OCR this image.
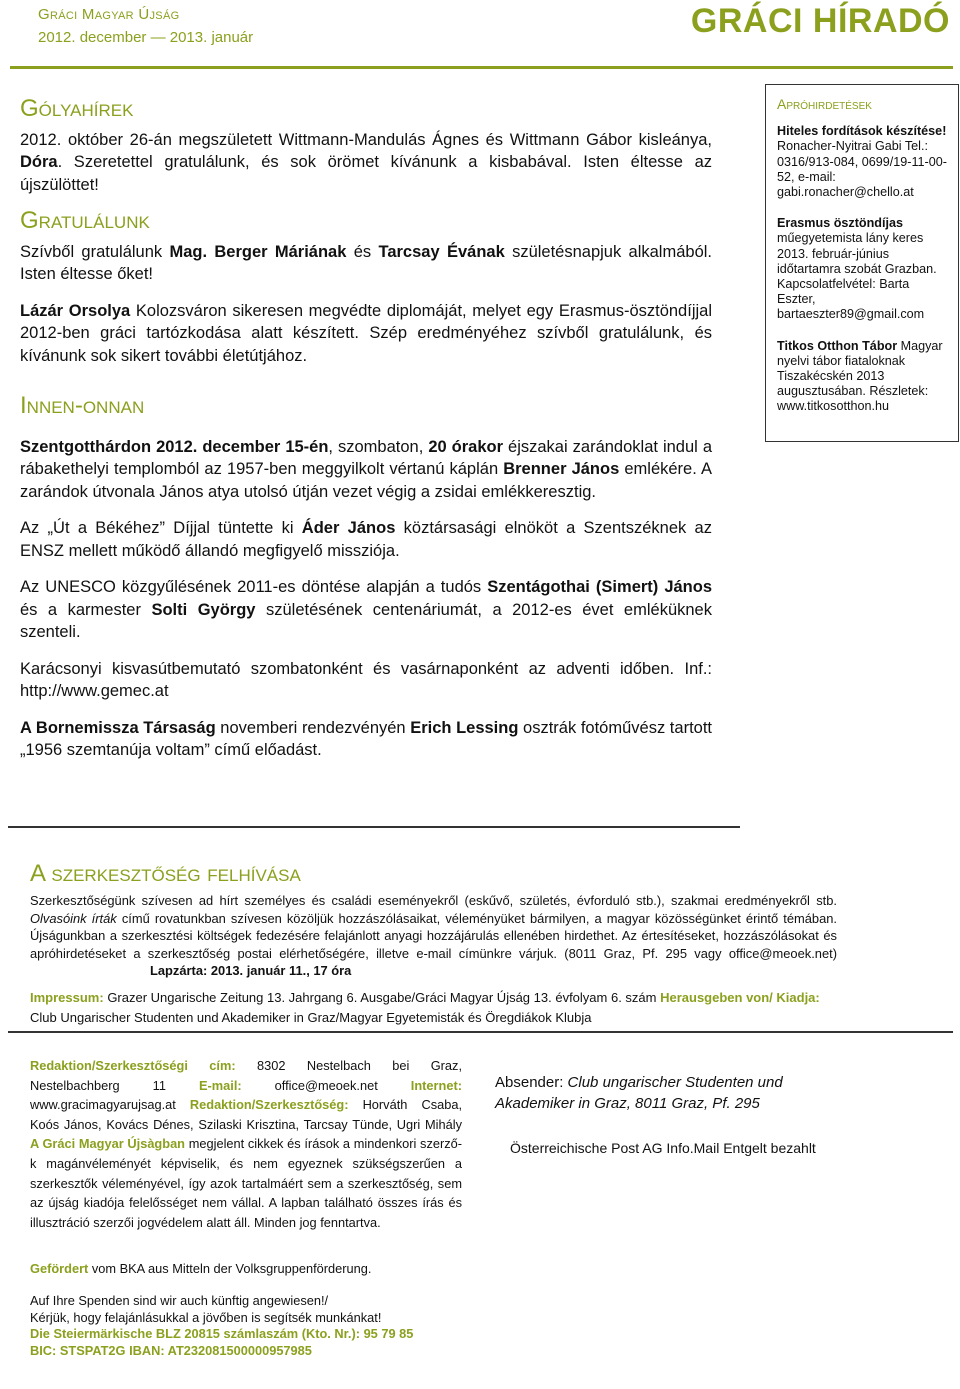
Gráci Magyar Újság
2012. december — 2013. január	GRÁCI HÍRADÓ
Gólyahírek

2012. október 26-án megszületett Wittmann-Mandulás Ágnes és Wittmann Gábor kisleánya, Dóra. Szeretettel gratulálunk, és sok örömet kívánunk a kisbabával. Isten éltesse az újszülöttet!

Gratulálunk

Szívből gratulálunk Mag. Berger Máriának és Tarcsay Évának születésnapjuk alkalmából. Isten éltesse őket!

Lázár Orsolya Kolozsváron sikeresen megvédte diplomáját, melyet egy Erasmus-ösztöndíjjal 2012-ben gráci tartózkodása alatt készített. Szép eredményéhez szívből gratulálunk, és kívánunk sok sikert további életútjához.

Innen-onnan

Szentgotthárdon 2012. december 15-én, szombaton, 20 órakor éjszakai zarándoklat indul a rábakethelyi templomból az 1957-ben meggyilkolt vértanú káplán Brenner János emlékére. A zarándok útvonala János atya utolsó útján vezet végig a zsidai emlékkeresztig.

Az „Út a Békéhez” Díjjal tüntette ki Áder János köztársasági elnököt a Szentszéknek az ENSZ mellett működő állandó megfigyelő missziója.

Az UNESCO közgyűlésének 2011-es döntése alapján a tudós Szentágothai (Simert) János és a karmester Solti György születésének centenáriumát, a 2012-es évet emléküknek szenteli.

Karácsonyi kisvasútbemutató szombatonként és vasárnaponként az adventi időben. Inf.: http://www.gemec.at

A Bornemissza Társaság novemberi rendezvényén Erich Lessing osztrák fotóművész tartott „1956 szemtanúja voltam” című előadást.

Apróhirdetések
Hiteles fordítások készítése! Ronacher-Nyitrai Gabi Tel.: 0316/913-084, 0699/19-11-00-52, e-mail: gabi.ronacher@chello.at
Erasmus ösztöndíjas műegyetemista lány keres 2013. február-június időtartamra szobát Grazban. Kapcsolatfelvétel: Barta Eszter, bartaeszter89@gmail.com
Titkos Otthon Tábor Magyar nyelvi tábor fiataloknak Tiszakécskén 2013 augusztusában. Részletek: www.titkosotthon.hu
A szerkesztőség felhívása
Szerkesztőségünk szívesen ad hírt személyes és családi eseményekről (eskűvő, születés, évforduló stb.), szakmai eredményekről stb. Olvasóink írták című rovatunkban szívesen közöljük hozzászólásaikat, véleményüket bármilyen, a magyar közösségünket érintő témában. Újságunkban a szerkesztési költségek fedezésére felajánlott anyagi hozzájárulás ellenében hirdethet. Az értesítéseket, hozzászólásokat és apróhirdetéseket a szerkesztőség postai elérhetőségére, illetve e-mail címünkre várjuk. (8011 Graz, Pf. 295 vagy office@meoek.net)Lapzárta: 2013. január 11., 17 óra
Impressum: Grazer Ungarische Zeitung 13. Jahrgang 6. Ausgabe/Gráci Magyar Újság 13. évfolyam 6. szám Herausgeben von/ Kiadja: Club Ungarischer Studenten und Akademiker in Graz/Magyar Egyetemisták és Öregdiákok Klubja
Redaktion/Szerkesztőségi cím: 8302 Nestelbach bei Graz, Nestelbachberg 11 E-mail: office@meoek.net Internet: www.gracimagyarujsag.at Redaktion/Szerkesztőség: Horváth Csaba, Koós János, Kovács Dénes, Szilaski Krisztina, Tarcsay Tünde, Ugri Mihály A Gráci Magyar Újsàgban megjelent cikkek és írások a mindenkori szerzők magánvéleményét képviselik, és nem egyeznek szükségszerűen a szerkesztők véleményével, így azok tartalmáért sem a szerkesztőség, sem az újság kiadója felelősséget nem vállal. A lapban található összes írás és illusztráció szerzői jogvédelem alatt áll. Minden jog fenntartva.
Gefördert vom BKA aus Mitteln der Volksgruppenförderung.
Auf Ihre Spenden sind wir auch künftig angewiesen!/
Kérjük, hogy felajánlásukkal a jövőben is segítsék munkánkat!
Die Steiermärkische BLZ 20815 számlaszám (Kto. Nr.): 95 79 85
BIC: STSPAT2G IBAN: AT232081500000957985
Absender: Club ungarischer Studenten und Akademiker in Graz, 8011 Graz, Pf. 295
Österreichische Post AG Info.Mail Entgelt bezahlt
